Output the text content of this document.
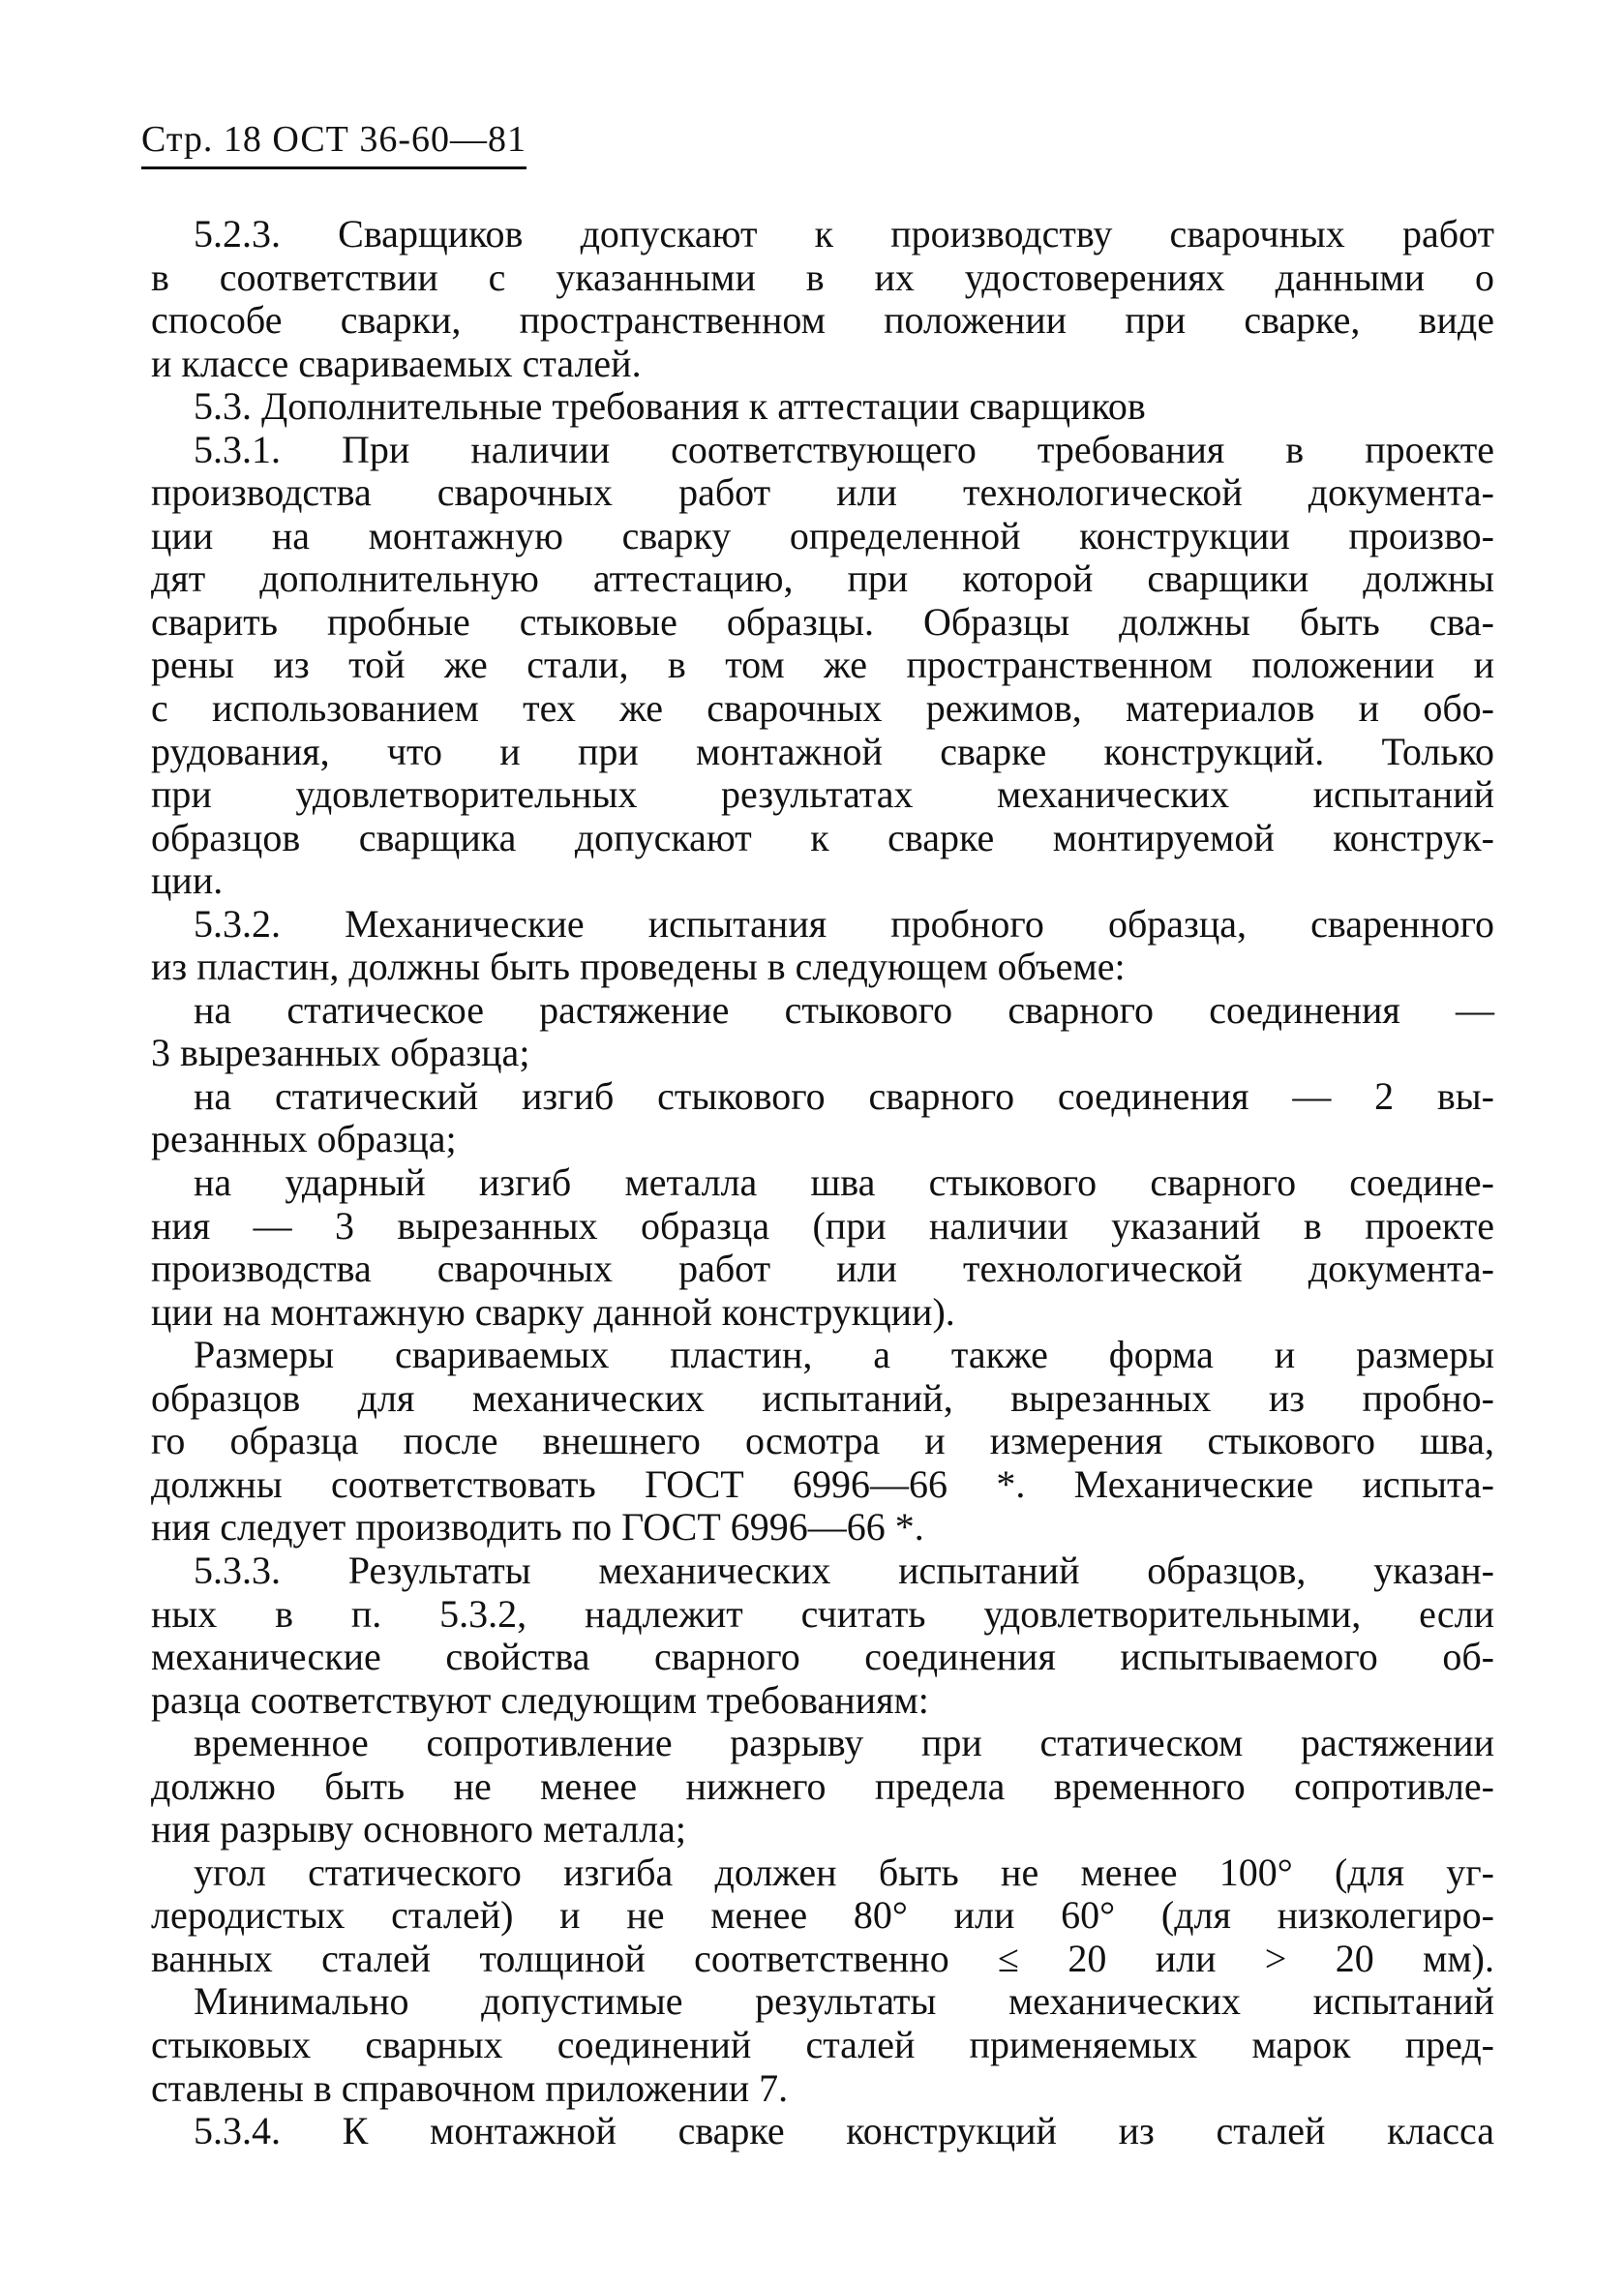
Стр. 18 ОСТ 36-60—81
5.2.3. Сварщиков допускают к производству сварочных работ
в соответствии с указанными в их удостоверениях данными о
способе сварки, пространственном положении при сварке, виде
и классе свариваемых сталей.
5.3. Дополнительные требования к аттестации сварщиков
5.3.1. При наличии соответствующего требования в проекте
производства сварочных работ или технологической документа-
ции на монтажную сварку определенной конструкции произво-
дят дополнительную аттестацию, при которой сварщики должны
сварить пробные стыковые образцы. Образцы должны быть сва-
рены из той же стали, в том же пространственном положении и
с использованием тех же сварочных режимов, материалов и обо-
рудования, что и при монтажной сварке конструкций. Только
при удовлетворительных результатах механических испытаний
образцов сварщика допускают к сварке монтируемой конструк-
ции.
5.3.2. Механические испытания пробного образца, сваренного
из пластин, должны быть проведены в следующем объеме:
на статическое растяжение стыкового сварного соединения —
3 вырезанных образца;
на статический изгиб стыкового сварного соединения — 2 вы-
резанных образца;
на ударный изгиб металла шва стыкового сварного соедине-
ния — 3 вырезанных образца (при наличии указаний в проекте
производства сварочных работ или технологической документа-
ции на монтажную сварку данной конструкции).
Размеры свариваемых пластин, а также форма и размеры
образцов для механических испытаний, вырезанных из пробно-
го образца после внешнего осмотра и измерения стыкового шва,
должны соответствовать ГОСТ 6996—66 *. Механические испыта-
ния следует производить по ГОСТ 6996—66 *.
5.3.3. Результаты механических испытаний образцов, указан-
ных в п. 5.3.2, надлежит считать удовлетворительными, если
механические свойства сварного соединения испытываемого об-
разца соответствуют следующим требованиям:
временное сопротивление разрыву при статическом растяжении
должно быть не менее нижнего предела временного сопротивле-
ния разрыву основного металла;
угол статического изгиба должен быть не менее 100° (для уг-
леродистых сталей) и не менее 80° или 60° (для низколегиро-
ванных сталей толщиной соответственно ≤ 20 или > 20 мм).
Минимально допустимые результаты механических испытаний
стыковых сварных соединений сталей применяемых марок пред-
ставлены в справочном приложении 7.
5.3.4. К монтажной сварке конструкций из сталей класса
